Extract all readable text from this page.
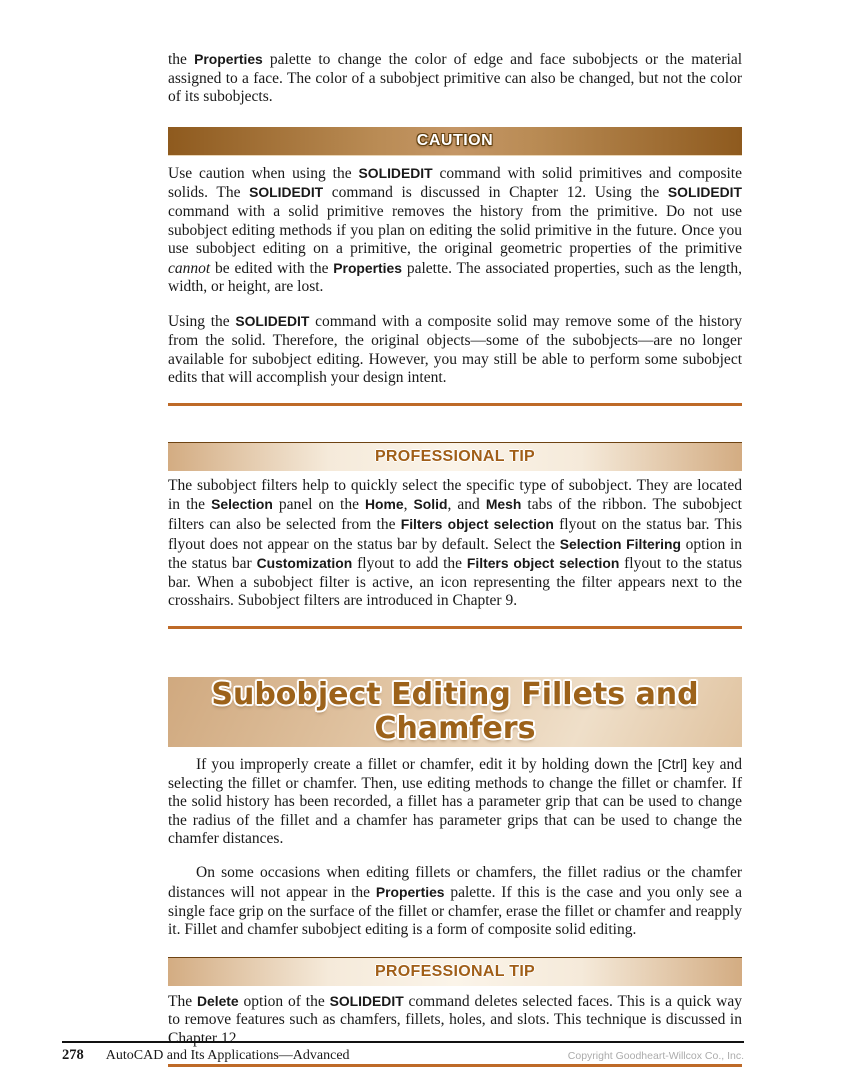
the Properties palette to change the color of edge and face subobjects or the material assigned to a face. The color of a subobject primitive can also be changed, but not the color of its subobjects.

CAUTION

Use caution when using the SOLIDEDIT command with solid primitives and composite solids. The SOLIDEDIT command is discussed in Chapter 12. Using the SOLIDEDIT command with a solid primitive removes the history from the primitive. Do not use subobject editing methods if you plan on editing the solid primitive in the future. Once you use subobject editing on a primitive, the original geometric properties of the primitive cannot be edited with the Properties palette. The associated properties, such as the length, width, or height, are lost.

Using the SOLIDEDIT command with a composite solid may remove some of the history from the solid. Therefore, the original objects—some of the subobjects—are no longer available for subobject editing. However, you may still be able to perform some subobject edits that will accomplish your design intent.

PROFESSIONAL TIP

The subobject filters help to quickly select the specific type of subobject. They are located in the Selection panel on the Home, Solid, and Mesh tabs of the ribbon. The subobject filters can also be selected from the Filters object selection flyout on the status bar. This flyout does not appear on the status bar by default. Select the Selection Filtering option in the status bar Customization flyout to add the Filters object selection flyout to the status bar. When a subobject filter is active, an icon representing the filter appears next to the crosshairs. Subobject filters are introduced in Chapter 9.

Subobject Editing Fillets and
Chamfers

If you improperly create a fillet or chamfer, edit it by holding down the [Ctrl] key and selecting the fillet or chamfer. Then, use editing methods to change the fillet or chamfer. If the solid history has been recorded, a fillet has a parameter grip that can be used to change the radius of the fillet and a chamfer has parameter grips that can be used to change the chamfer distances.

On some occasions when editing fillets or chamfers, the fillet radius or the chamfer distances will not appear in the Properties palette. If this is the case and you only see a single face grip on the surface of the fillet or chamfer, erase the fillet or chamfer and reapply it. Fillet and chamfer subobject editing is a form of composite solid editing.

PROFESSIONAL TIP

The Delete option of the SOLIDEDIT command deletes selected faces. This is a quick way to remove features such as chamfers, fillets, holes, and slots. This technique is discussed in Chapter 12.

278 AutoCAD and Its Applications—Advanced	Copyright Goodheart-Willcox Co., Inc.
